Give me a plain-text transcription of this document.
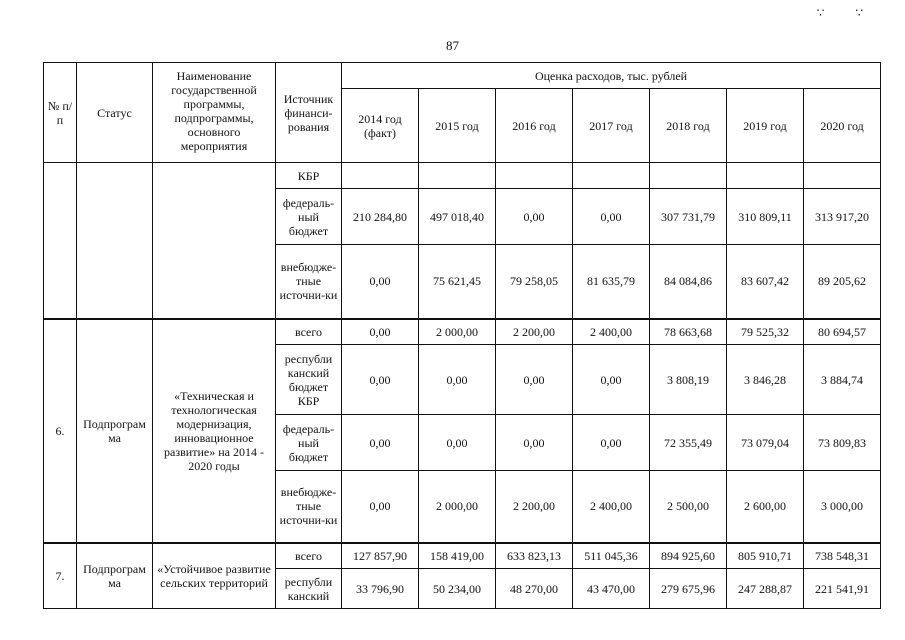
87
∵ ∵
№ п/п	Статус	Наименование государственной программы, подпрограммы, основного мероприятия	Источник финанси-рования	Оценка расходов, тыс. рублей						
				2014 год (факт)	2015 год	2016 год	2017 год	2018 год	2019 год	2020 год
			КБР							
			федераль-ный бюджет	210 284,80	497 018,40	0,00	0,00	307 731,79	310 809,11	313 917,20
			внебюдже-тные источни-ки	0,00	75 621,45	79 258,05	81 635,79	84 084,86	83 607,42	89 205,62
6.	Подпрограм ма	«Техническая и технологическая модернизация, инновационное развитие» на 2014 - 2020 годы	всего	0,00	2 000,00	2 200,00	2 400,00	78 663,68	79 525,32	80 694,57
			республи канский бюджет КБР	0,00	0,00	0,00	0,00	3 808,19	3 846,28	3 884,74
			федераль-ный бюджет	0,00	0,00	0,00	0,00	72 355,49	73 079,04	73 809,83
			внебюдже-тные источни-ки	0,00	2 000,00	2 200,00	2 400,00	2 500,00	2 600,00	3 000,00
7.	Подпрограм ма	«Устойчивое развитие сельских территорий	всего	127 857,90	158 419,00	633 823,13	511 045,36	894 925,60	805 910,71	738 548,31
			республи канский	33 796,90	50 234,00	48 270,00	43 470,00	279 675,96	247 288,87	221 541,91
